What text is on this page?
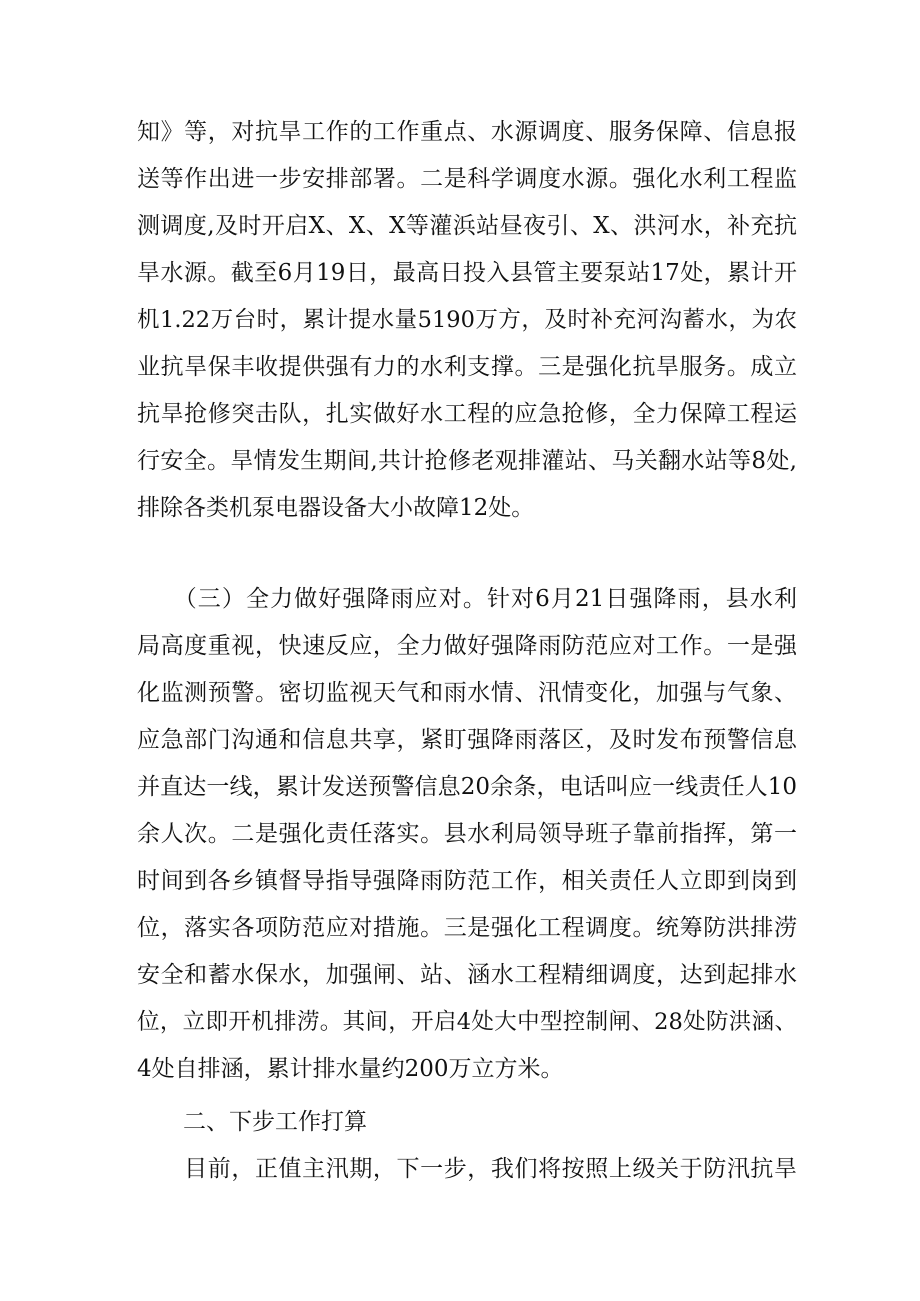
知》等，对抗旱工作的工作重点、水源调度、服务保障、信息报
送等作出进一步安排部署。二是科学调度水源。强化水利工程监
测调度,及时开启X、X、X等灌浜站昼夜引、X、洪河水，补充抗
旱水源。截至6月19日，最高日投入县管主要泵站17处，累计开
机1.22万台时，累计提水量5190万方，及时补充河沟蓄水，为农
业抗旱保丰收提供强有力的水利支撑。三是强化抗旱服务。成立
抗旱抢修突击队，扎实做好水工程的应急抢修，全力保障工程运
行安全。旱情发生期间,共计抢修老观排灌站、马关翻水站等8处,
排除各类机泵电器设备大小故障12处。
　　（三）全力做好强降雨应对。针对6月21日强降雨，县水利
局高度重视，快速反应，全力做好强降雨防范应对工作。一是强
化监测预警。密切监视天气和雨水情、汛情变化，加强与气象、
应急部门沟通和信息共享，紧盯强降雨落区，及时发布预警信息
并直达一线，累计发送预警信息20余条，电话叫应一线责任人10
余人次。二是强化责任落实。县水利局领导班子靠前指挥，第一
时间到各乡镇督导指导强降雨防范工作，相关责任人立即到岗到
位，落实各项防范应对措施。三是强化工程调度。统筹防洪排涝
安全和蓄水保水，加强闸、站、涵水工程精细调度，达到起排水
位，立即开机排涝。其间，开启4处大中型控制闸、28处防洪涵、
4处自排涵，累计排水量约200万立方米。
　　二、下步工作打算
　　目前，正值主汛期，下一步，我们将按照上级关于防汛抗旱
